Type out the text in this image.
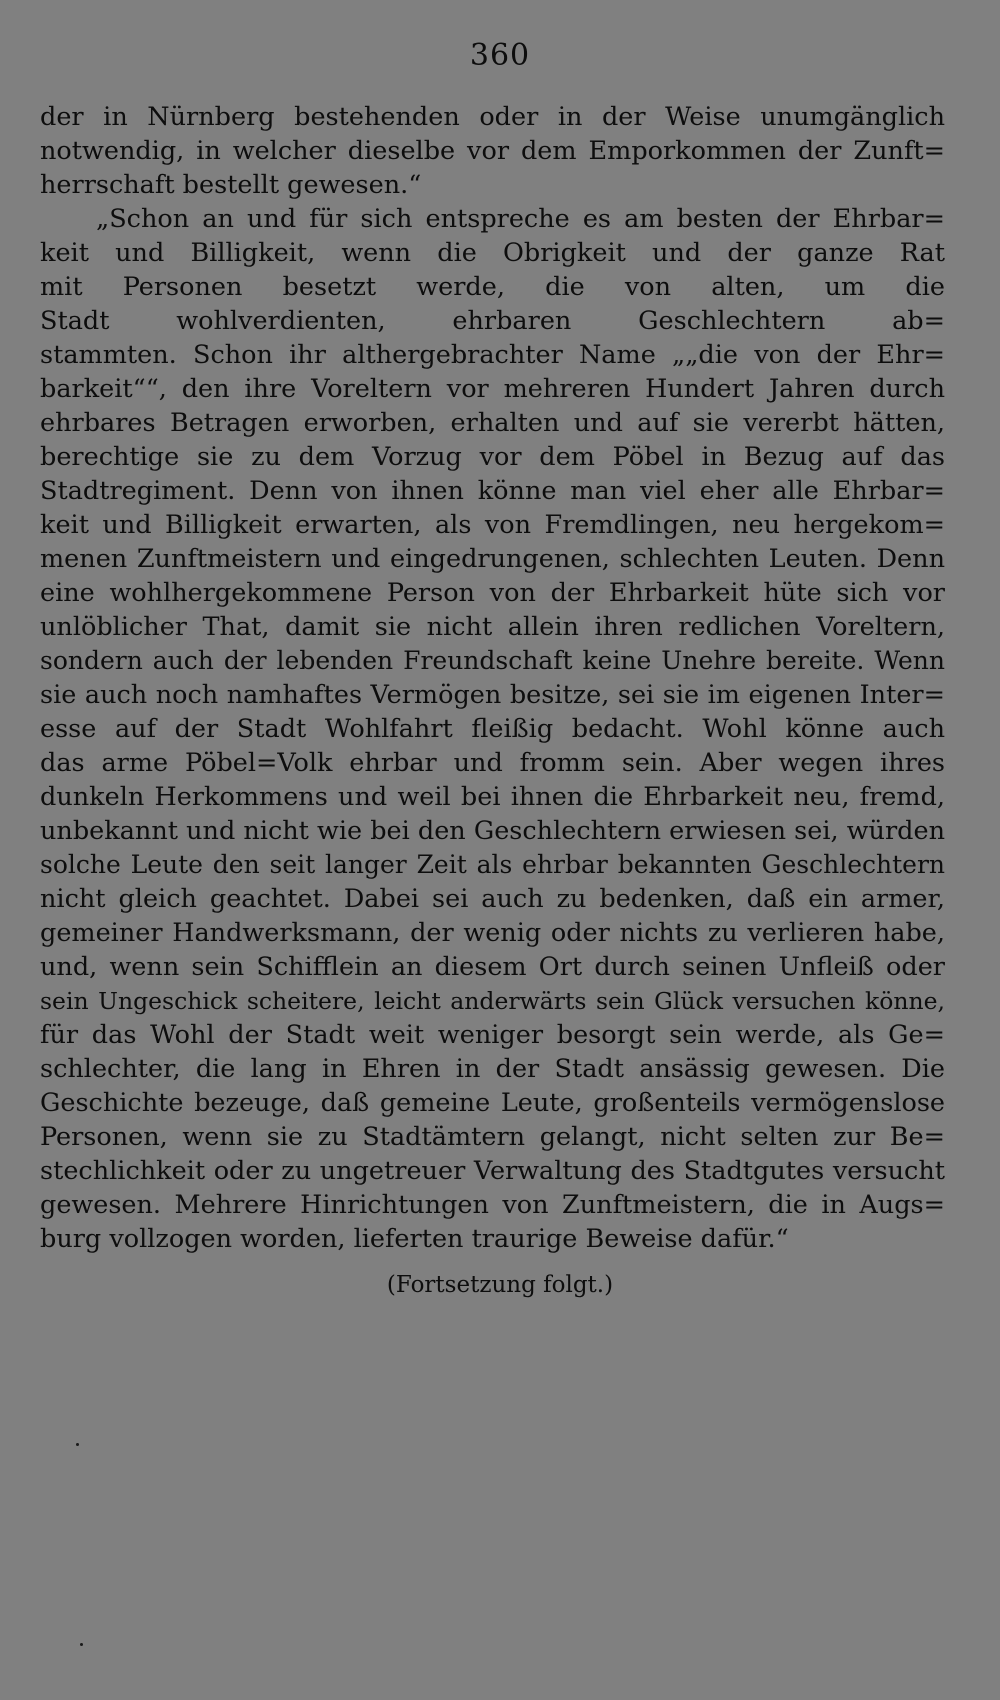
360
der in Nürnberg bestehenden oder in der Weise unumgänglich
notwendig, in welcher dieselbe vor dem Emporkommen der Zunft=
herrschaft bestellt gewesen.“
„Schon an und für sich entspreche es am besten der Ehrbar=
keit und Billigkeit, wenn die Obrigkeit und der ganze Rat
mit Personen besetzt werde, die von alten, um die
Stadt wohlverdienten, ehrbaren Geschlechtern ab=
stammten. Schon ihr althergebrachter Name „„die von der Ehr=
barkeit““, den ihre Voreltern vor mehreren Hundert Jahren durch
ehrbares Betragen erworben, erhalten und auf sie vererbt hätten,
berechtige sie zu dem Vorzug vor dem Pöbel in Bezug auf das
Stadtregiment. Denn von ihnen könne man viel eher alle Ehrbar=
keit und Billigkeit erwarten, als von Fremdlingen, neu hergekom=
menen Zunftmeistern und eingedrungenen, schlechten Leuten. Denn
eine wohlhergekommene Person von der Ehrbarkeit hüte sich vor
unlöblicher That, damit sie nicht allein ihren redlichen Voreltern,
sondern auch der lebenden Freundschaft keine Unehre bereite. Wenn
sie auch noch namhaftes Vermögen besitze, sei sie im eigenen Inter=
esse auf der Stadt Wohlfahrt fleißig bedacht. Wohl könne auch
das arme Pöbel=Volk ehrbar und fromm sein. Aber wegen ihres
dunkeln Herkommens und weil bei ihnen die Ehrbarkeit neu, fremd,
unbekannt und nicht wie bei den Geschlechtern erwiesen sei, würden
solche Leute den seit langer Zeit als ehrbar bekannten Geschlechtern
nicht gleich geachtet. Dabei sei auch zu bedenken, daß ein armer,
gemeiner Handwerksmann, der wenig oder nichts zu verlieren habe,
und, wenn sein Schifflein an diesem Ort durch seinen Unfleiß oder
sein Ungeschick scheitere, leicht anderwärts sein Glück versuchen könne,
für das Wohl der Stadt weit weniger besorgt sein werde, als Ge=
schlechter, die lang in Ehren in der Stadt ansässig gewesen. Die
Geschichte bezeuge, daß gemeine Leute, großenteils vermögenslose
Personen, wenn sie zu Stadtämtern gelangt, nicht selten zur Be=
stechlichkeit oder zu ungetreuer Verwaltung des Stadtgutes versucht
gewesen. Mehrere Hinrichtungen von Zunftmeistern, die in Augs=
burg vollzogen worden, lieferten traurige Beweise dafür.“
(Fortsetzung folgt.)
